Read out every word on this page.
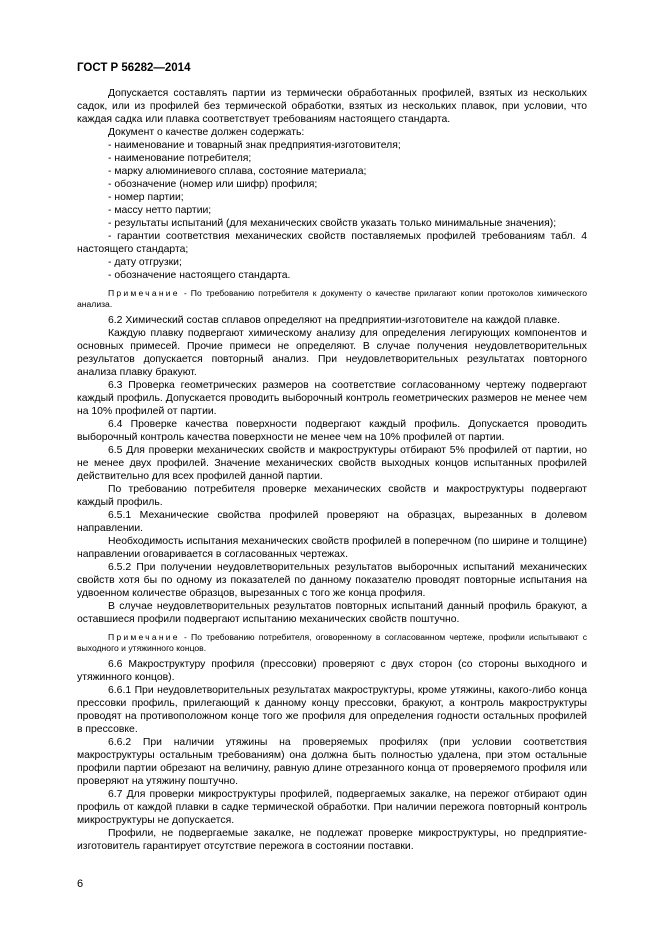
ГОСТ Р 56282—2014

Допускается составлять партии из термически обработанных профилей, взятых из нескольких садок, или из профилей без термической обработки, взятых из нескольких плавок, при условии, что каждая садка или плавка соответствует требованиям настоящего стандарта.

Документ о качестве должен содержать:

- наименование и товарный знак предприятия-изготовителя;

- наименование потребителя;

- марку алюминиевого сплава, состояние материала;

- обозначение (номер или шифр) профиля;

- номер партии;

- массу нетто партии;

- результаты испытаний (для механических свойств указать только минимальные значения);

- гарантии соответствия механических свойств поставляемых профилей требованиям табл. 4 настоящего стандарта;

- дату отгрузки;

- обозначение настоящего стандарта.

Примечание - По требованию потребителя к документу о качестве прилагают копии протоколов химического анализа.

6.2 Химический состав сплавов определяют на предприятии-изготовителе на каждой плавке.

Каждую плавку подвергают химическому анализу для определения легирующих компонентов и основных примесей. Прочие примеси не определяют. В случае получения неудовлетворительных результатов допускается повторный анализ. При неудовлетворительных результатах повторного анализа плавку бракуют.

6.3 Проверка геометрических размеров на соответствие согласованному чертежу подвергают каждый профиль. Допускается проводить выборочный контроль геометрических размеров не менее чем на 10% профилей от партии.

6.4 Проверке качества поверхности подвергают каждый профиль. Допускается проводить выборочный контроль качества поверхности не менее чем на 10% профилей от партии.

6.5 Для проверки механических свойств и макроструктуры отбирают 5% профилей от партии, но не менее двух профилей. Значение механических свойств выходных концов испытанных профилей действительно для всех профилей данной партии.

По требованию потребителя проверке механических свойств и макроструктуры подвергают каждый профиль.

6.5.1 Механические свойства профилей проверяют на образцах, вырезанных в долевом направлении.

Необходимость испытания механических свойств профилей в поперечном (по ширине и толщине) направлении оговаривается в согласованных чертежах.

6.5.2 При получении неудовлетворительных результатов выборочных испытаний механических свойств хотя бы по одному из показателей по данному показателю проводят повторные испытания на удвоенном количестве образцов, вырезанных с того же конца профиля.

В случае неудовлетворительных результатов повторных испытаний данный профиль бракуют, а оставшиеся профили подвергают испытанию механических свойств поштучно.

Примечание - По требованию потребителя, оговоренному в согласованном чертеже, профили испытывают с выходного и утяжинного концов.

6.6 Макроструктуру профиля (прессовки) проверяют с двух сторон (со стороны выходного и утяжинного концов).

6.6.1 При неудовлетворительных результатах макроструктуры, кроме утяжины, какого-либо конца прессовки профиль, прилегающий к данному концу прессовки, бракуют, а контроль макроструктуры проводят на противоположном конце того же профиля для определения годности остальных профилей в прессовке.

6.6.2 При наличии утяжины на проверяемых профилях (при условии соответствия макроструктуры остальным требованиям) она должна быть полностью удалена, при этом остальные профили партии обрезают на величину, равную длине отрезанного конца от проверяемого профиля или проверяют на утяжину поштучно.

6.7 Для проверки микроструктуры профилей, подвергаемых закалке, на пережог отбирают один профиль от каждой плавки в садке термической обработки. При наличии пережога повторный контроль микроструктуры не допускается.

Профили, не подвергаемые закалке, не подлежат проверке микроструктуры, но предприятие-изготовитель гарантирует отсутствие пережога в состоянии поставки.

6
